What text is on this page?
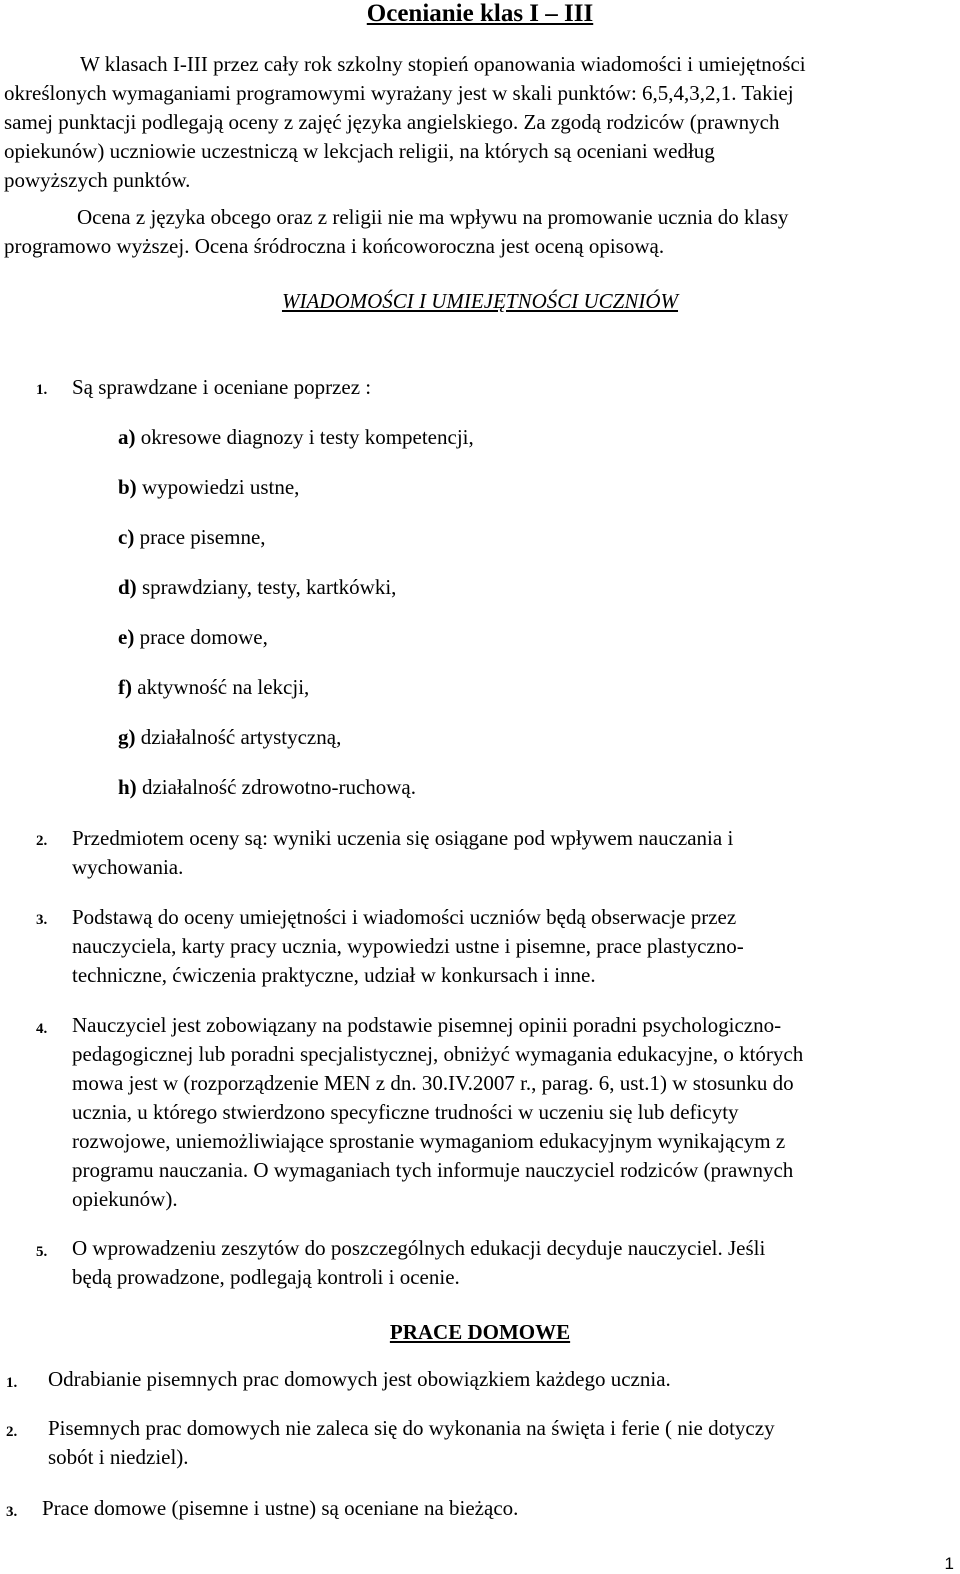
Ocenianie klas I – III
W klasach I-III przez cały rok szkolny stopień opanowania wiadomości i umiejętności
określonych wymaganiami programowymi wyrażany jest w skali punktów: 6,5,4,3,2,1. Takiej
samej punktacji podlegają oceny z zajęć języka angielskiego. Za zgodą rodziców (prawnych
opiekunów) uczniowie uczestniczą w lekcjach religii, na których są oceniani według
powyższych punktów.
Ocena z języka obcego oraz z religii nie ma wpływu na promowanie ucznia do klasy
programowo wyższej. Ocena śródroczna i końcoworoczna jest oceną opisową.
WIADOMOŚCI I UMIEJĘTNOŚCI UCZNIÓW
1. Są sprawdzane i oceniane poprzez :
a) okresowe diagnozy i testy kompetencji,
b) wypowiedzi ustne,
c) prace pisemne,
d) sprawdziany, testy, kartkówki,
e) prace domowe,
f) aktywność na lekcji,
g) działalność artystyczną,
h) działalność zdrowotno-ruchową.
2. Przedmiotem oceny są: wyniki uczenia się osiągane pod wpływem nauczania i
wychowania.
3. Podstawą do oceny umiejętności i wiadomości uczniów będą obserwacje przez
nauczyciela, karty pracy ucznia, wypowiedzi ustne i pisemne, prace plastyczno-
techniczne, ćwiczenia praktyczne, udział w konkursach i inne.
4. Nauczyciel jest zobowiązany na podstawie pisemnej opinii poradni psychologiczno-
pedagogicznej lub poradni specjalistycznej, obniżyć wymagania edukacyjne, o których
mowa jest w (rozporządzenie MEN z dn. 30.IV.2007 r., parag. 6, ust.1) w stosunku do
ucznia, u którego stwierdzono specyficzne trudności w uczeniu się lub deficyty
rozwojowe, uniemożliwiające sprostanie wymaganiom edukacyjnym wynikającym z
programu nauczania. O wymaganiach tych informuje nauczyciel rodziców (prawnych
opiekunów).
5. O wprowadzeniu zeszytów do poszczególnych edukacji decyduje nauczyciel. Jeśli
będą prowadzone, podlegają kontroli i ocenie.
PRACE DOMOWE
1. Odrabianie pisemnych prac domowych jest obowiązkiem każdego ucznia.
2. Pisemnych prac domowych nie zaleca się do wykonania na święta i ferie ( nie dotyczy
sobót i niedziel).
3. Prace domowe (pisemne i ustne) są oceniane na bieżąco.
1
